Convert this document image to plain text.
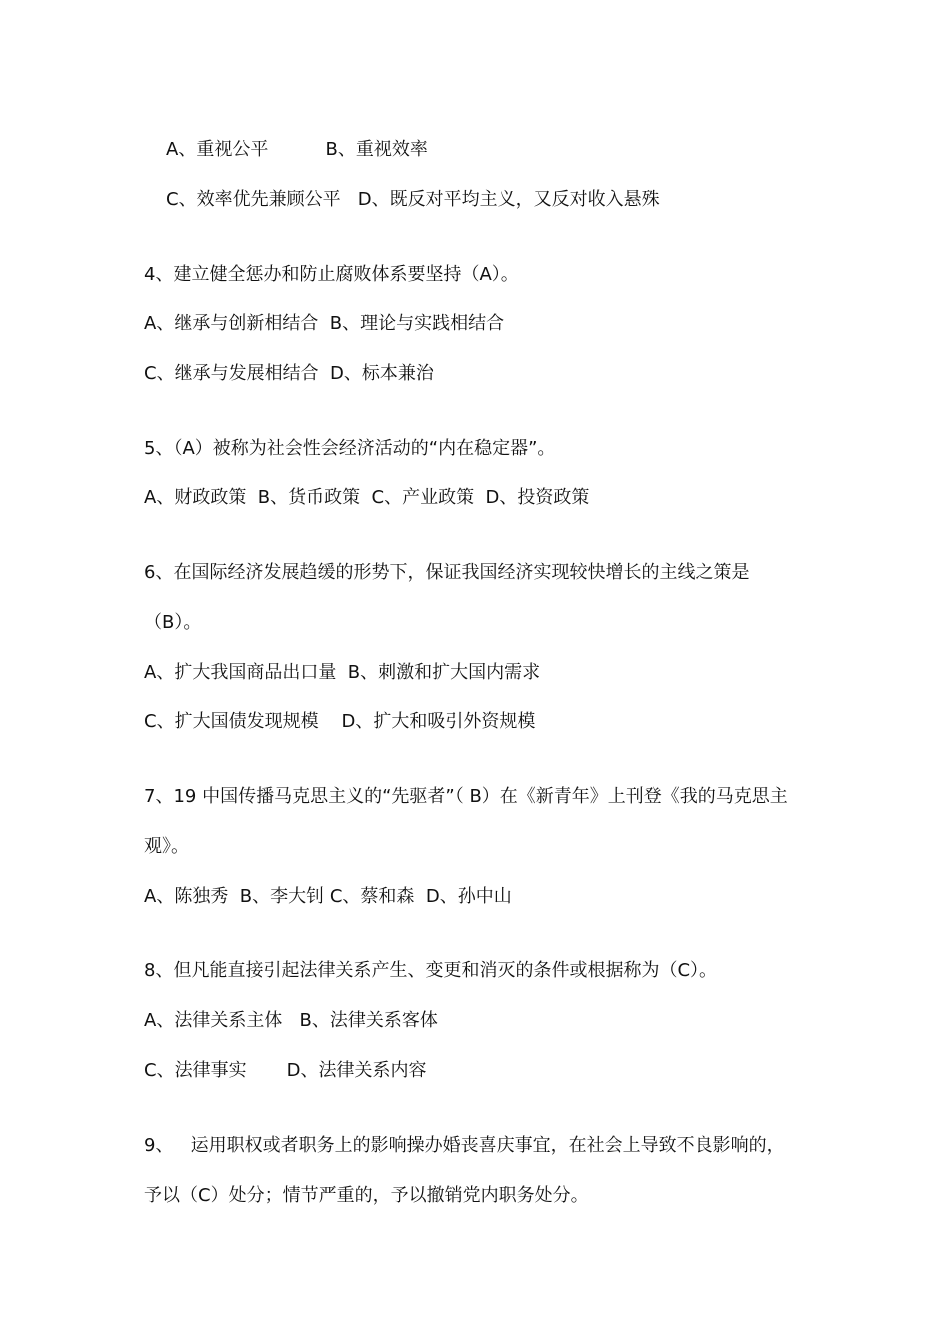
A、重视公平          B、重视效率
C、效率优先兼顾公平   D、既反对平均主义，又反对收入悬殊
4、建立健全惩办和防止腐败体系要坚持（A）。
A、继承与创新相结合  B、理论与实践相结合
C、继承与发展相结合  D、标本兼治
5、（A）被称为社会性会经济活动的“内在稳定器”。
A、财政政策  B、货币政策  C、产业政策  D、投资政策
6、在国际经济发展趋缓的形势下，保证我国经济实现较快增长的主线之策是
（B）。
A、扩大我国商品出口量  B、刺激和扩大国内需求
C、扩大国债发现规模    D、扩大和吸引外资规模
7、19 中国传播马克思主义的“先驱者”（ B）在《新青年》上刊登《我的马克思主
观》。
A、陈独秀  B、李大钊 C、蔡和森  D、孙中山
8、但凡能直接引起法律关系产生、变更和消灭的条件或根据称为（C）。
A、法律关系主体   B、法律关系客体
C、法律事实       D、法律关系内容
9、   运用职权或者职务上的影响操办婚丧喜庆事宜，在社会上导致不良影响的，
予以（C）处分；情节严重的，予以撤销党内职务处分。
